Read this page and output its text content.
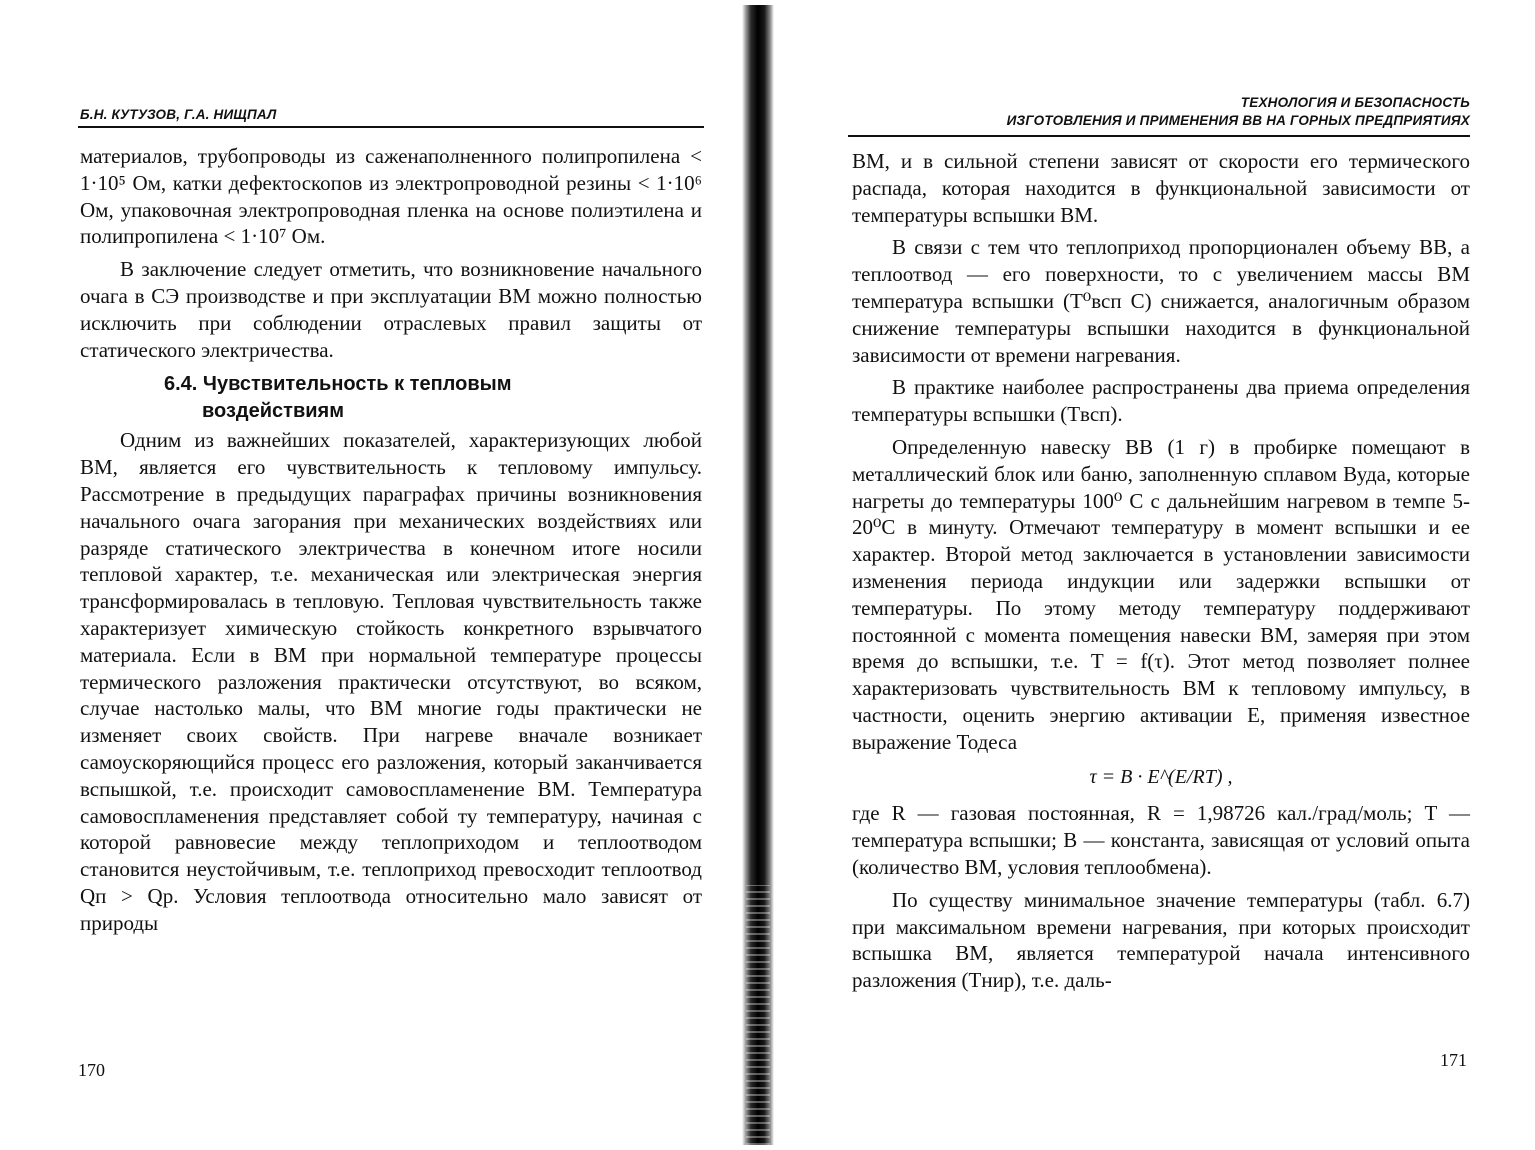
Б.Н. КУТУЗОВ, Г.А. НИЩПАЛ

материалов, трубопроводы из саженаполненного полипропилена < 1·10⁵ Ом, катки дефектоскопов из электропроводной резины < 1·10⁶ Ом, упаковочная электропроводная пленка на основе полиэтилена и полипропилена < 1·10⁷ Ом.

В заключение следует отметить, что возникновение начального очага в СЭ производстве и при эксплуатации ВМ можно полностью исключить при соблюдении отраслевых правил защиты от статического электричества.

6.4. Чувствительность к тепловым
воздействиям

Одним из важнейших показателей, характеризующих любой ВМ, является его чувствительность к тепловому импульсу. Рассмотрение в предыдущих параграфах причины возникновения начального очага загорания при механических воздействиях или разряде статического электричества в конечном итоге носили тепловой характер, т.е. механическая или электрическая энергия трансформировалась в тепловую. Тепловая чувствительность также характеризует химическую стойкость конкретного взрывчатого материала. Если в ВМ при нормальной температуре процессы термического разложения практически отсутствуют, во всяком, случае настолько малы, что ВМ многие годы практически не изменяет своих свойств. При нагреве вначале возникает самоускоряющийся процесс его разложения, который заканчивается вспышкой, т.е. происходит самовоспламенение ВМ. Температура самовоспламенения представляет собой ту температуру, начиная с которой равновесие между теплоприходом и теплоотводом становится неустойчивым, т.е. теплоприход превосходит теплоотвод Qп > Qр. Условия теплоотвода относительно мало зависят от природы

170
ТЕХНОЛОГИЯ И БЕЗОПАСНОСТЬ
ИЗГОТОВЛЕНИЯ И ПРИМЕНЕНИЯ ВВ НА ГОРНЫХ ПРЕДПРИЯТИЯХ

ВМ, и в сильной степени зависят от скорости его термического распада, которая находится в функциональной зависимости от температуры вспышки ВМ.

В связи с тем что теплоприход пропорционален объему ВВ, а теплоотвод — его поверхности, то с увеличением массы ВМ температура вспышки (T⁰всп С) снижается, аналогичным образом снижение температуры вспышки находится в функциональной зависимости от времени нагревания.

В практике наиболее распространены два приема определения температуры вспышки (Tвсп).

Определенную навеску ВВ (1 г) в пробирке помещают в металлический блок или баню, заполненную сплавом Вуда, которые нагреты до температуры 100⁰ С с дальнейшим нагревом в темпе 5-20⁰С в минуту. Отмечают температуру в момент вспышки и ее характер. Второй метод заключается в установлении зависимости изменения периода индукции или задержки вспышки от температуры. По этому методу температуру поддерживают постоянной с момента помещения навески ВМ, замеряя при этом время до вспышки, т.е. T = f(τ). Этот метод позволяет полнее характеризовать чувствительность ВМ к тепловому импульсу, в частности, оценить энергию активации E, применяя известное выражение Тодеса

τ = B · E^(E/RT) ,

где R — газовая постоянная, R = 1,98726 кал./град/моль; T — температура вспышки; B — константа, зависящая от условий опыта (количество ВМ, условия теплообмена).

По существу минимальное значение температуры (табл. 6.7) при максимальном времени нагревания, при которых происходит вспышка ВМ, является температурой начала интенсивного разложения (Tнир), т.е. даль-

171
